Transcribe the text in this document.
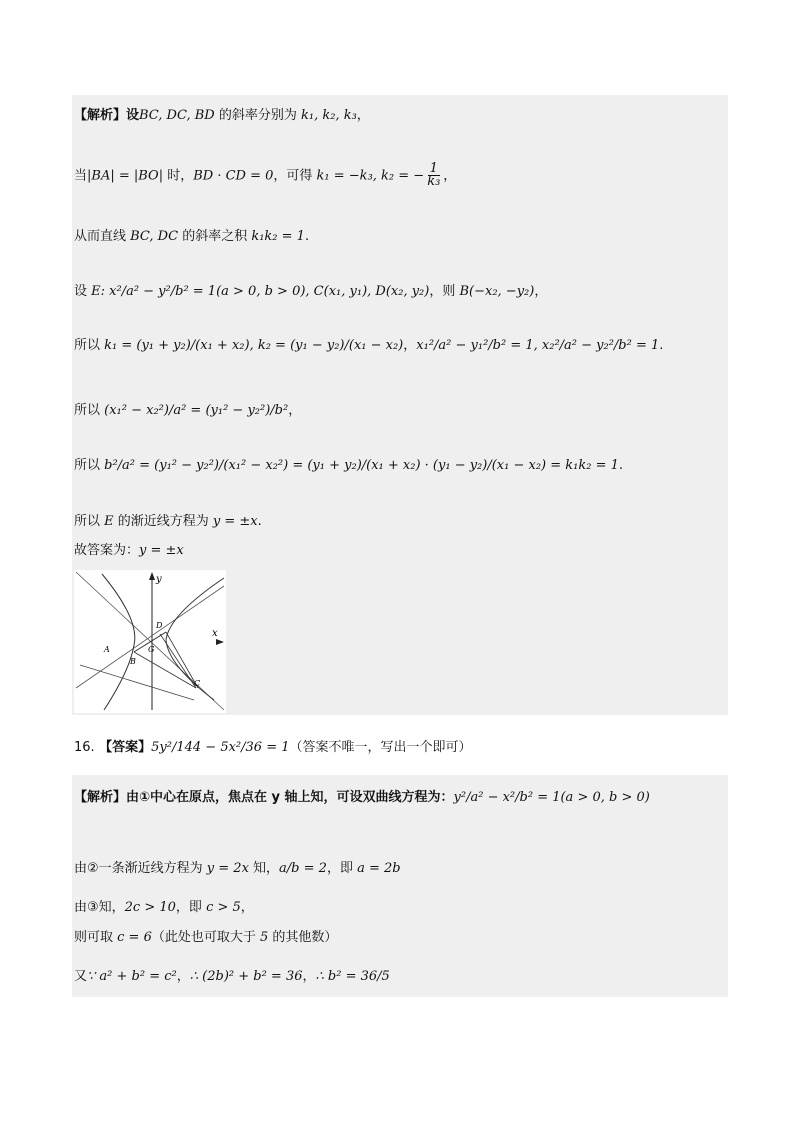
【解析】设BC, DC, BD 的斜率分别为 k₁, k₂, k₃，
当|BA| = |BO| 时，BD · CD = 0，可得 k₁ = −k₃, k₂ = − $\frac{1}{\text{k₃}}$ ，
从而直线 BC, DC 的斜率之积 k₁k₂ = 1.
设 E: x²/a² − y²/b² = 1(a > 0, b > 0), C(x₁, y₁), D(x₂, y₂)，则 B(−x₂, −y₂)，
所以 k₁ = (y₁ + y₂)/(x₁ + x₂), k₂ = (y₁ − y₂)/(x₁ − x₂)，x₁²/a² − y₁²/b² = 1, x₂²/a² − y₂²/b² = 1.
所以 (x₁² − x₂²)/a² = (y₁² − y₂²)/b²，
所以 b²/a² = (y₁² − y₂²)/(x₁² − x₂²) = (y₁ + y₂)/(x₁ + x₂) · (y₁ − y₂)/(x₁ − x₂) = k₁k₂ = 1.
所以 E 的渐近线方程为 y = ±x.
故答案为：y = ±x
y
x
A
B
G
D
C
16. 【答案】5y²/144 − 5x²/36 = 1（答案不唯一，写出一个即可）
【解析】由①中心在原点，焦点在 y 轴上知，可设双曲线方程为：y²/a² − x²/b² = 1(a > 0, b > 0)
由②一条渐近线方程为 y = 2x 知，a/b = 2，即 a = 2b
由③知，2c > 10，即 c > 5，
则可取 c = 6（此处也可取大于 5 的其他数）
又∵ a² + b² = c²，∴ (2b)² + b² = 36，∴ b² = 36/5
